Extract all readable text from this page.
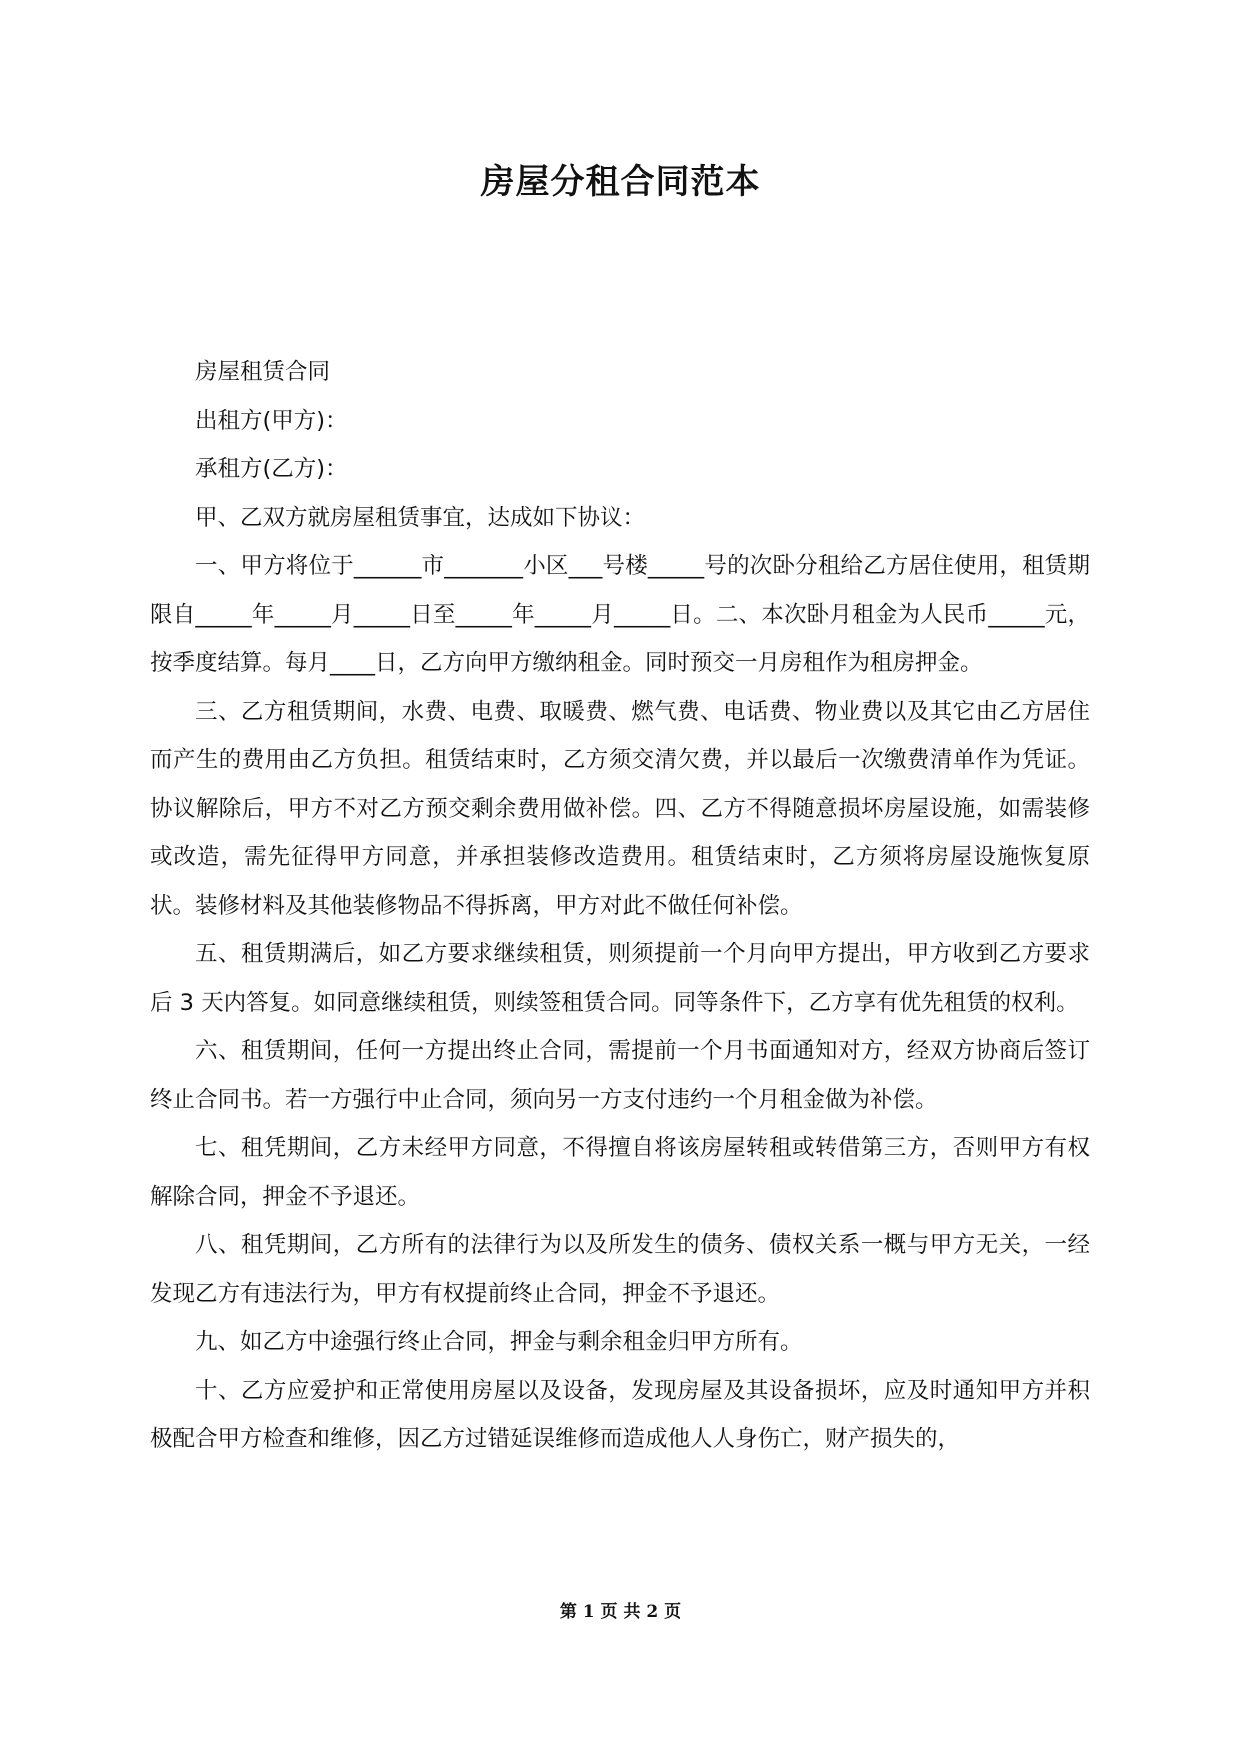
房屋分租合同范本

房屋租赁合同

出租方(甲方)：

承租方(乙方)：

甲、乙双方就房屋租赁事宜，达成如下协议：

一、甲方将位于______市_______小区___号楼_____号的次卧分租给乙方居住使用，租赁期限自_____年_____月_____日至_____年_____月_____日。二、本次卧月租金为人民币_____元，按季度结算。每月____日，乙方向甲方缴纳租金。同时预交一月房租作为租房押金。

三、乙方租赁期间，水费、电费、取暖费、燃气费、电话费、物业费以及其它由乙方居住而产生的费用由乙方负担。租赁结束时，乙方须交清欠费，并以最后一次缴费清单作为凭证。协议解除后，甲方不对乙方预交剩余费用做补偿。四、乙方不得随意损坏房屋设施，如需装修或改造，需先征得甲方同意，并承担装修改造费用。租赁结束时，乙方须将房屋设施恢复原状。装修材料及其他装修物品不得拆离，甲方对此不做任何补偿。

五、租赁期满后，如乙方要求继续租赁，则须提前一个月向甲方提出，甲方收到乙方要求后 3 天内答复。如同意继续租赁，则续签租赁合同。同等条件下，乙方享有优先租赁的权利。

六、租赁期间，任何一方提出终止合同，需提前一个月书面通知对方，经双方协商后签订终止合同书。若一方强行中止合同，须向另一方支付违约一个月租金做为补偿。

七、租凭期间，乙方未经甲方同意，不得擅自将该房屋转租或转借第三方，否则甲方有权解除合同，押金不予退还。

八、租凭期间，乙方所有的法律行为以及所发生的债务、债权关系一概与甲方无关，一经发现乙方有违法行为，甲方有权提前终止合同，押金不予退还。

九、如乙方中途强行终止合同，押金与剩余租金归甲方所有。

十、乙方应爱护和正常使用房屋以及设备，发现房屋及其设备损坏，应及时通知甲方并积极配合甲方检查和维修，因乙方过错延误维修而造成他人人身伤亡，财产损失的，

第 1 页 共 2 页
